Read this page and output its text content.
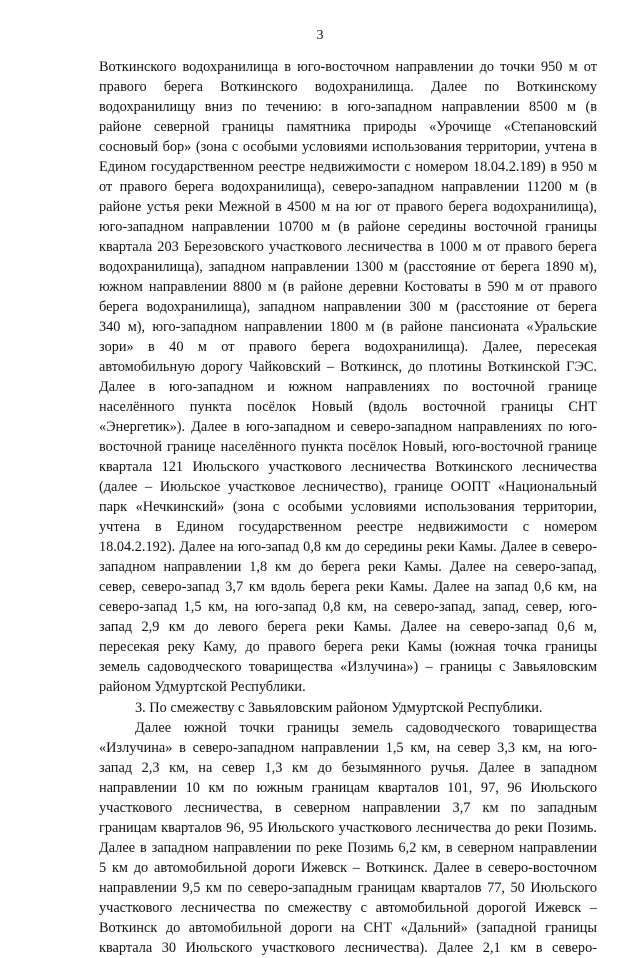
3
Воткинского водохранилища в юго-восточном направлении до точки 950 м от
правого берега Воткинского водохранилища. Далее по Воткинскому
водохранилищу вниз по течению: в юго-западном направлении 8500 м (в
районе северной границы памятника природы «Урочище «Степановский
сосновый бор» (зона с особыми условиями использования территории, учтена в
Едином государственном реестре недвижимости с номером 18.04.2.189) в 950 м
от правого берега водохранилища), северо-западном направлении 11200 м (в
районе устья реки Межной в 4500 м на юг от правого берега водохранилища),
юго-западном направлении 10700 м (в районе середины восточной границы
квартала 203 Березовского участкового лесничества в 1000 м от правого берега
водохранилища), западном направлении 1300 м (расстояние от берега 1890 м),
южном направлении 8800 м (в районе деревни Костоваты в 590 м от правого
берега водохранилища), западном направлении 300 м (расстояние от берега
340 м), юго-западном направлении 1800 м (в районе пансионата «Уральские
зори» в 40 м от правого берега водохранилища). Далее, пересекая
автомобильную дорогу Чайковский – Воткинск, до плотины Воткинской ГЭС.
Далее в юго-западном и южном направлениях по восточной границе
населённого пункта посёлок Новый (вдоль восточной границы СНТ
«Энергетик»). Далее в юго-западном и северо-западном направлениях по юго-
восточной границе населённого пункта посёлок Новый, юго-восточной границе
квартала 121 Июльского участкового лесничества Воткинского лесничества
(далее – Июльское участковое лесничество), границе ООПТ «Национальный
парк «Нечкинский» (зона с особыми условиями использования территории,
учтена в Едином государственном реестре недвижимости с номером
18.04.2.192). Далее на юго-запад 0,8 км до середины реки Камы. Далее в северо-
западном направлении 1,8 км до берега реки Камы. Далее на северо-запад,
север, северо-запад 3,7 км вдоль берега реки Камы. Далее на запад 0,6 км, на
северо-запад 1,5 км, на юго-запад 0,8 км, на северо-запад, запад, север, юго-
запад 2,9 км до левого берега реки Камы. Далее на северо-запад 0,6 м,
пересекая реку Каму, до правого берега реки Камы (южная точка границы
земель садоводческого товарищества «Излучина») – границы с Завьяловским
районом Удмуртской Республики.
3. По смежеству с Завьяловским районом Удмуртской Республики.
Далее южной точки границы земель садоводческого товарищества
«Излучина» в северо-западном направлении 1,5 км, на север 3,3 км, на юго-
запад 2,3 км, на север 1,3 км до безымянного ручья. Далее в западном
направлении 10 км по южным границам кварталов 101, 97, 96 Июльского
участкового лесничества, в северном направлении 3,7 км по западным
границам кварталов 96, 95 Июльского участкового лесничества до реки Позимь.
Далее в западном направлении по реке Позимь 6,2 км, в северном направлении
5 км до автомобильной дороги Ижевск – Воткинск. Далее в северо-восточном
направлении 9,5 км по северо-западным границам кварталов 77, 50 Июльского
участкового лесничества по смежеству с автомобильной дорогой Ижевск –
Воткинск до автомобильной дороги на СНТ «Дальний» (западной границы
квартала 30 Июльского участкового лесничества). Далее 2,1 км в северо-
